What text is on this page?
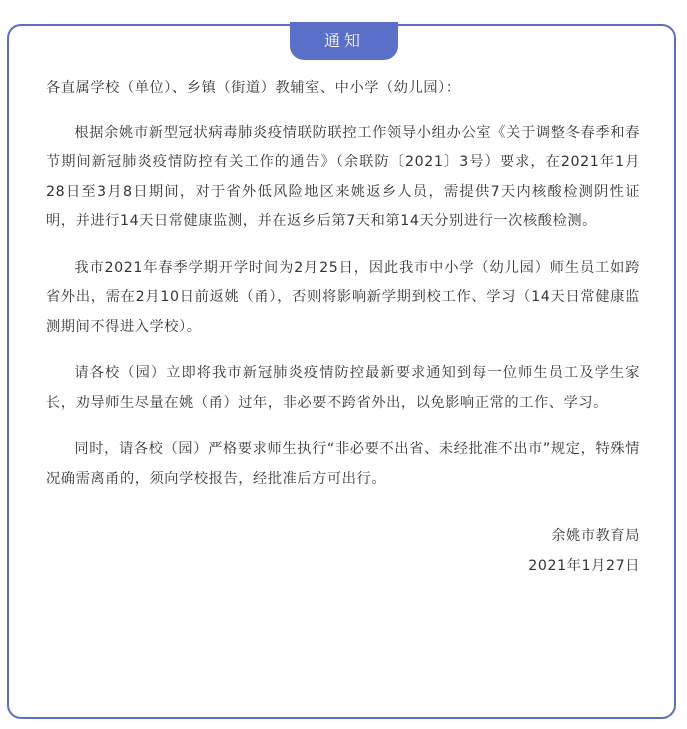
通知

各直属学校（单位）、乡镇（街道）教辅室、中小学（幼儿园）：

根据余姚市新型冠状病毒肺炎疫情联防联控工作领导小组办公室《关于调整冬春季和春节期间新冠肺炎疫情防控有关工作的通告》（余联防〔2021〕3号）要求，在2021年1月28日至3月8日期间，对于省外低风险地区来姚返乡人员，需提供7天内核酸检测阴性证明，并进行14天日常健康监测，并在返乡后第7天和第14天分别进行一次核酸检测。

我市2021年春季学期开学时间为2月25日，因此我市中小学（幼儿园）师生员工如跨省外出，需在2月10日前返姚（甬），否则将影响新学期到校工作、学习（14天日常健康监测期间不得进入学校）。

请各校（园）立即将我市新冠肺炎疫情防控最新要求通知到每一位师生员工及学生家长，劝导师生尽量在姚（甬）过年，非必要不跨省外出，以免影响正常的工作、学习。

同时，请各校（园）严格要求师生执行“非必要不出省、未经批准不出市”规定，特殊情况确需离甬的，须向学校报告，经批准后方可出行。

余姚市教育局

2021年1月27日
